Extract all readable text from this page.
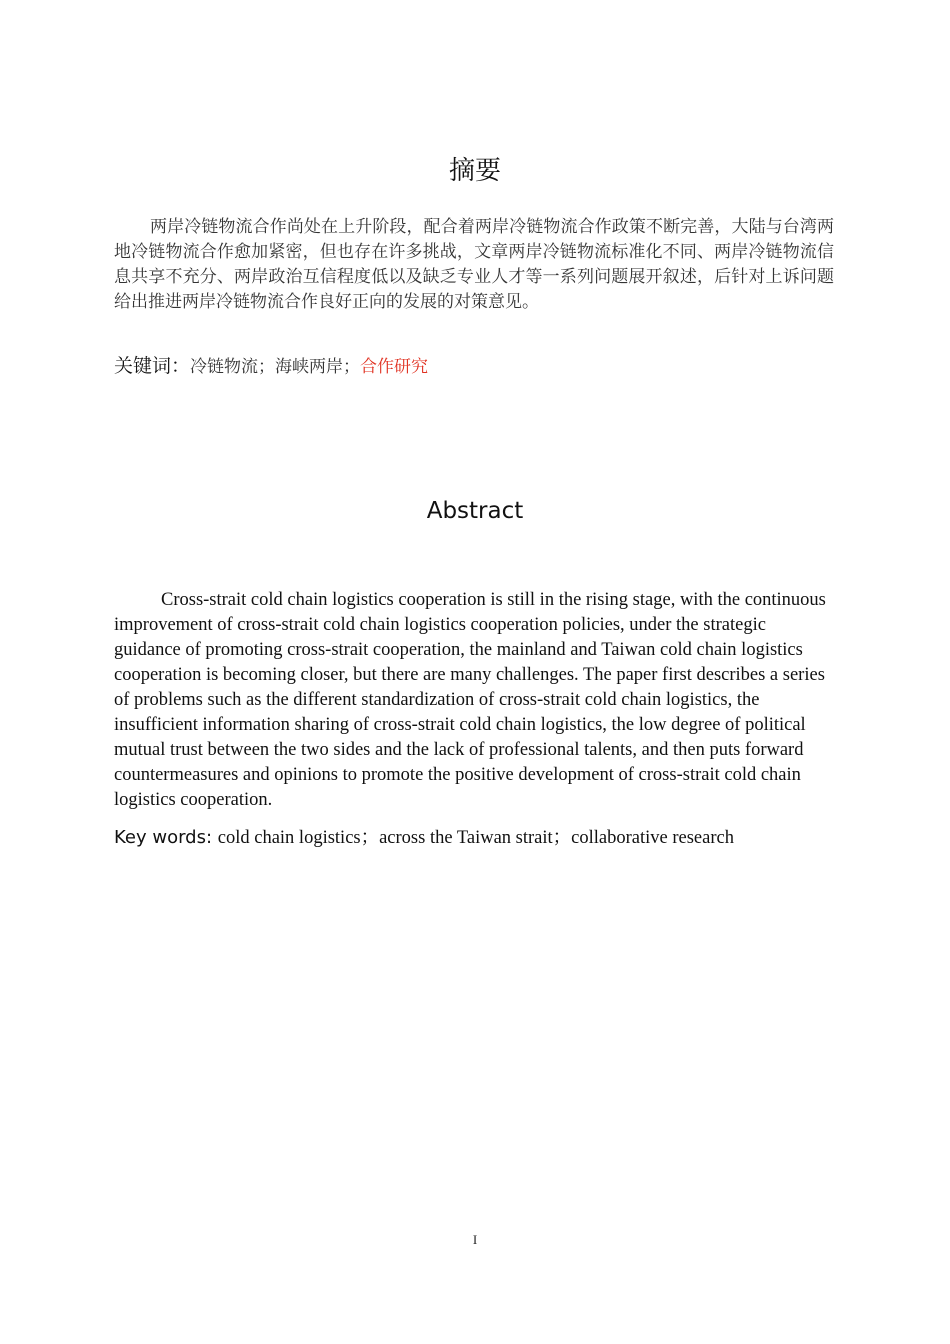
摘要

两岸冷链物流合作尚处在上升阶段，配合着两岸冷链物流合作政策不断完善，大陆与台湾两地冷链物流合作愈加紧密，但也存在许多挑战，文章两岸冷链物流标准化不同、两岸冷链物流信息共享不充分、两岸政治互信程度低以及缺乏专业人才等一系列问题展开叙述，后针对上诉问题给出推进两岸冷链物流合作良好正向的发展的对策意见。

关键词：冷链物流；海峡两岸；合作研究
Abstract

Cross-strait cold chain logistics cooperation is still in the rising stage, with the continuous improvement of cross-strait cold chain logistics cooperation policies, under the strategic guidance of promoting cross-strait cooperation, the mainland and Taiwan cold chain logistics cooperation is becoming closer, but there are many challenges. The paper first describes a series of problems such as the different standardization of cross-strait cold chain logistics, the insufficient information sharing of cross-strait cold chain logistics, the low degree of political mutual trust between the two sides and the lack of professional talents, and then puts forward countermeasures and opinions to promote the positive development of cross-strait cold chain logistics cooperation.

Key words: cold chain logistics；across the Taiwan strait；collaborative research
I
